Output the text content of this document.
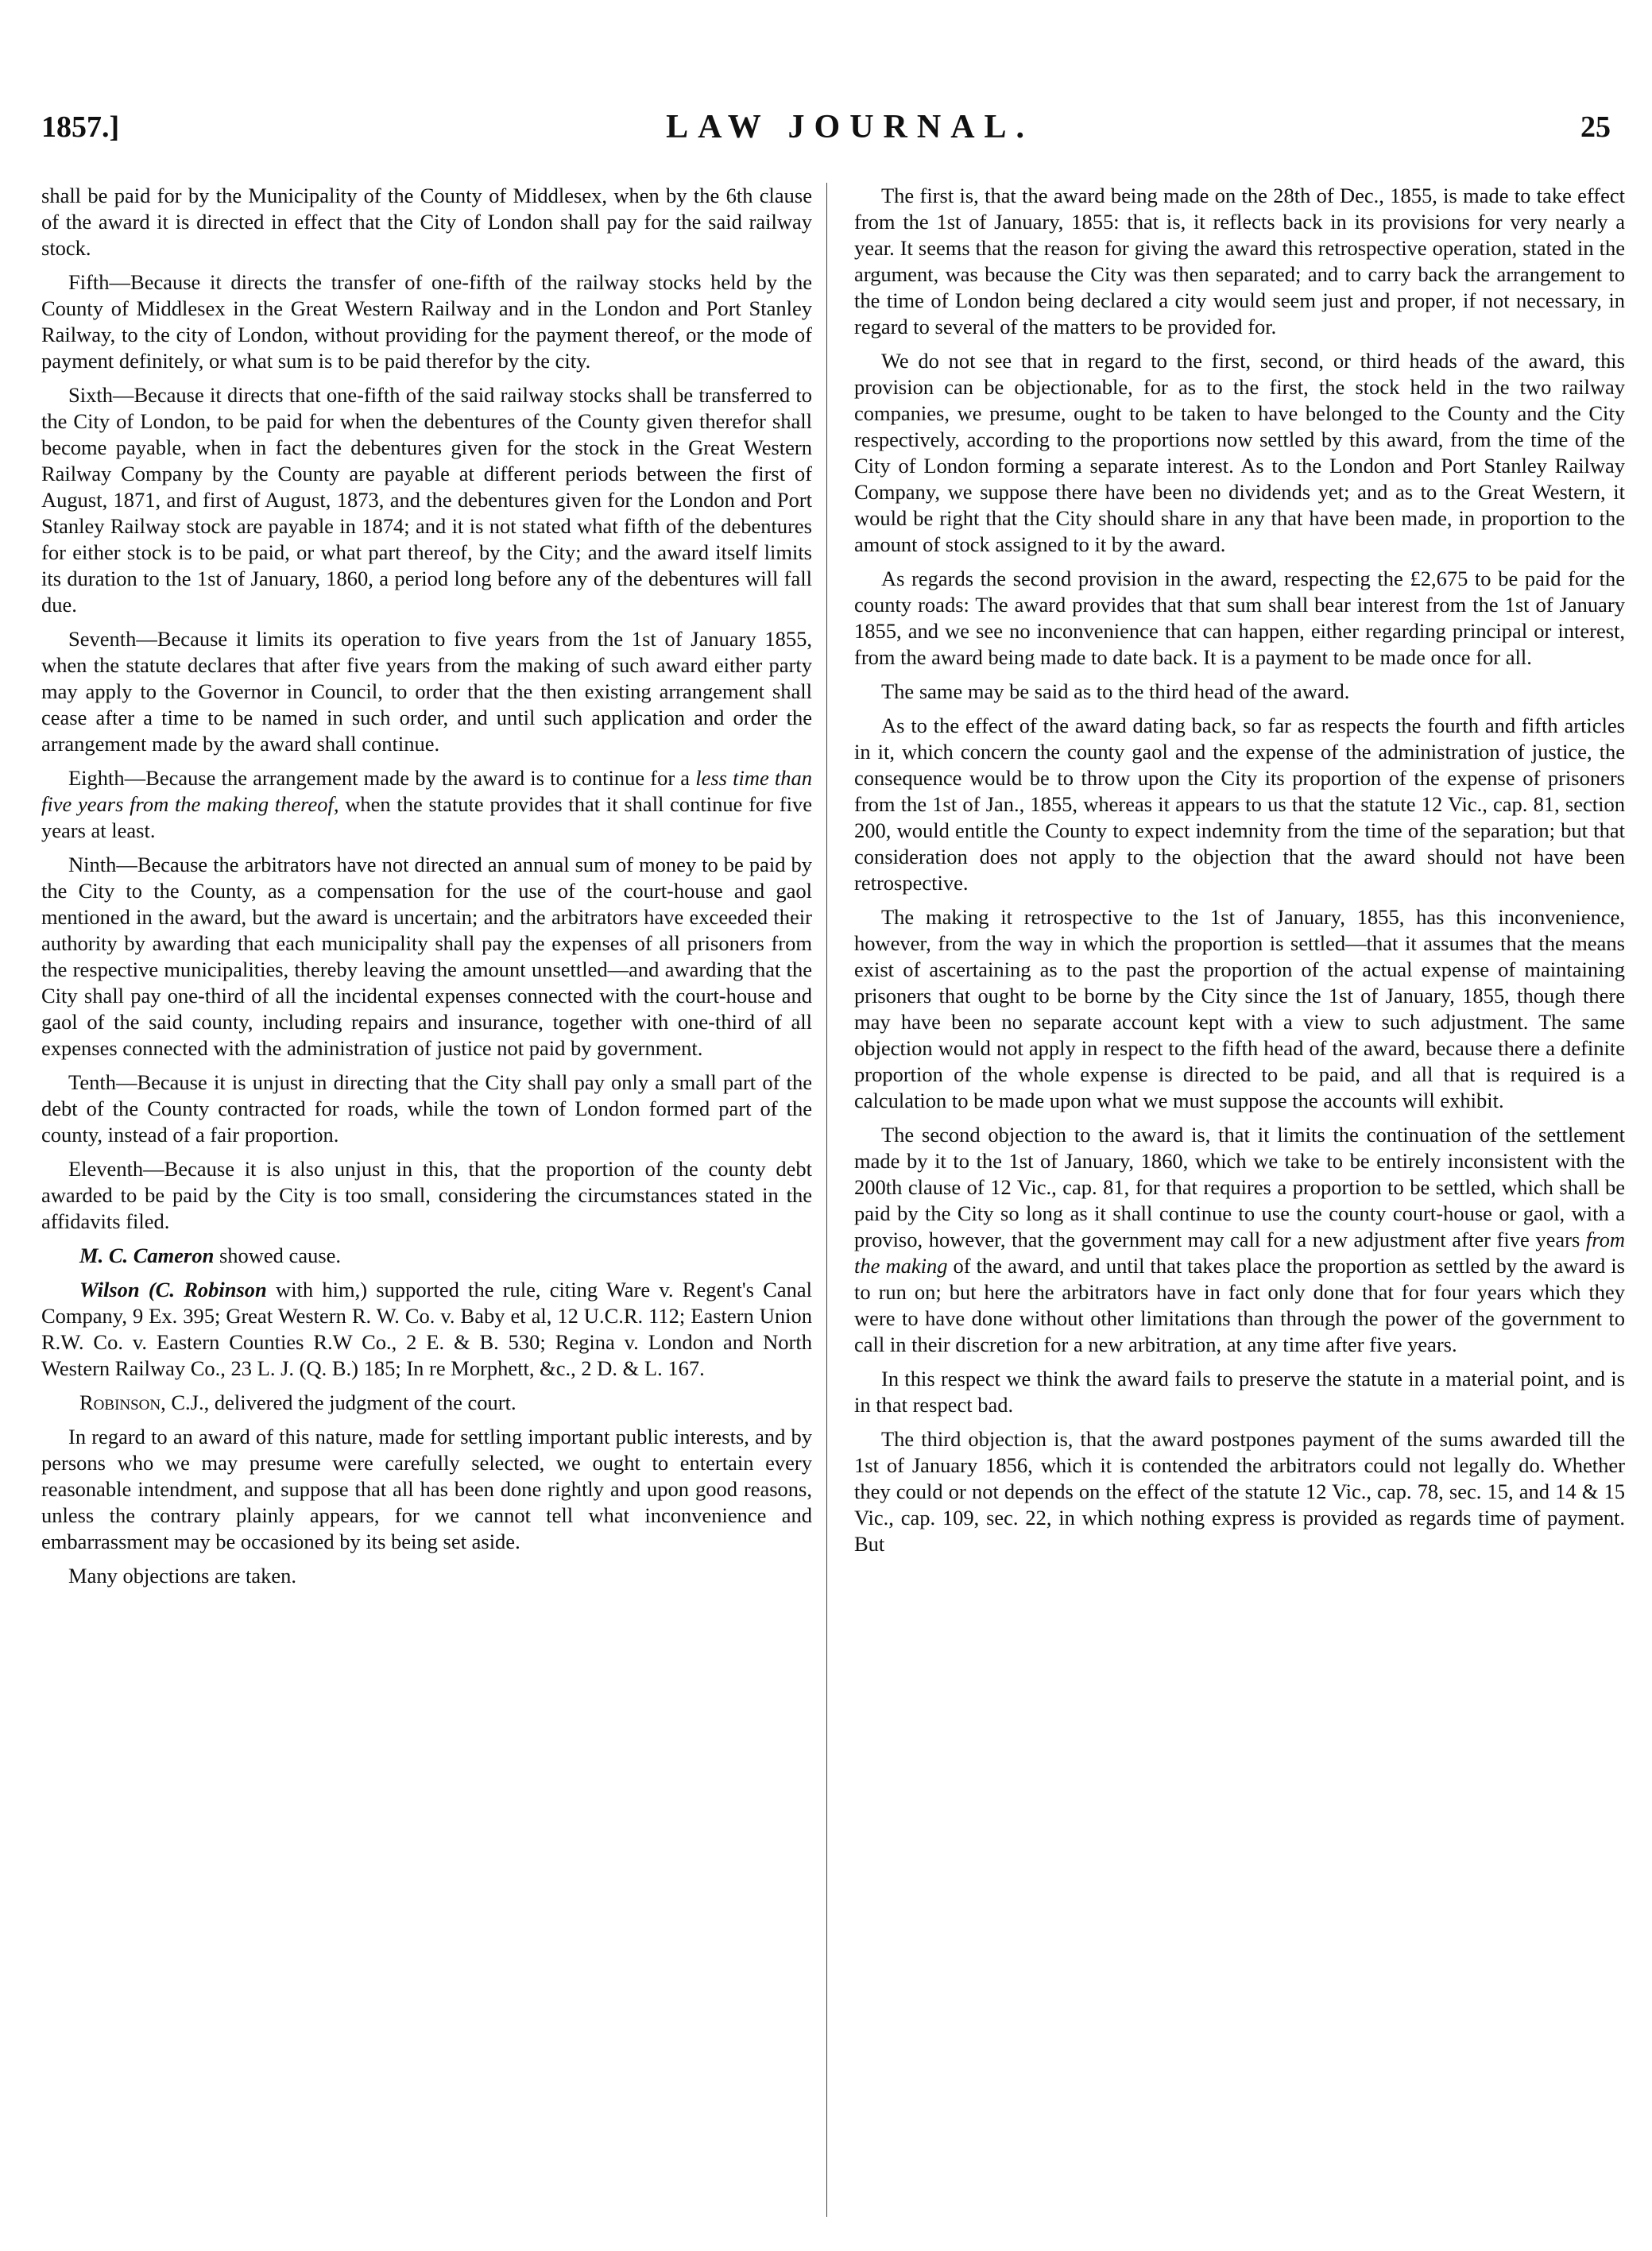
1857.]	LAW JOURNAL.	25

shall be paid for by the Municipality of the County of Middlesex, when by the 6th clause of the award it is directed in effect that the City of London shall pay for the said railway stock.

Fifth—Because it directs the transfer of one-fifth of the railway stocks held by the County of Middlesex in the Great Western Railway and in the London and Port Stanley Railway, to the city of London, without providing for the payment thereof, or the mode of payment definitely, or what sum is to be paid therefor by the city.

Sixth—Because it directs that one-fifth of the said railway stocks shall be transferred to the City of London, to be paid for when the debentures of the County given therefor shall become payable, when in fact the debentures given for the stock in the Great Western Railway Company by the County are payable at different periods between the first of August, 1871, and first of August, 1873, and the debentures given for the London and Port Stanley Railway stock are payable in 1874; and it is not stated what fifth of the debentures for either stock is to be paid, or what part thereof, by the City; and the award itself limits its duration to the 1st of January, 1860, a period long before any of the debentures will fall due.

Seventh—Because it limits its operation to five years from the 1st of January 1855, when the statute declares that after five years from the making of such award either party may apply to the Governor in Council, to order that the then existing arrangement shall cease after a time to be named in such order, and until such application and order the arrangement made by the award shall continue.

Eighth—Because the arrangement made by the award is to continue for a less time than five years from the making thereof, when the statute provides that it shall continue for five years at least.

Ninth—Because the arbitrators have not directed an annual sum of money to be paid by the City to the County, as a compensation for the use of the court-house and gaol mentioned in the award, but the award is uncertain; and the arbitrators have exceeded their authority by awarding that each municipality shall pay the expenses of all prisoners from the respective municipalities, thereby leaving the amount unsettled—and awarding that the City shall pay one-third of all the incidental expenses connected with the court-house and gaol of the said county, including repairs and insurance, together with one-third of all expenses connected with the administration of justice not paid by government.

Tenth—Because it is unjust in directing that the City shall pay only a small part of the debt of the County contracted for roads, while the town of London formed part of the county, instead of a fair proportion.

Eleventh—Because it is also unjust in this, that the proportion of the county debt awarded to be paid by the City is too small, considering the circumstances stated in the affidavits filed.

M. C. Cameron showed cause.

Wilson (C. Robinson with him,) supported the rule, citing Ware v. Regent's Canal Company, 9 Ex. 395; Great Western R. W. Co. v. Baby et al, 12 U.C.R. 112; Eastern Union R.W. Co. v. Eastern Counties R.W Co., 2 E. & B. 530; Regina v. London and North Western Railway Co., 23 L. J. (Q. B.) 185; In re Morphett, &c., 2 D. & L. 167.

Robinson, C.J., delivered the judgment of the court.

In regard to an award of this nature, made for settling important public interests, and by persons who we may presume were carefully selected, we ought to entertain every reasonable intendment, and suppose that all has been done rightly and upon good reasons, unless the contrary plainly appears, for we cannot tell what inconvenience and embarrassment may be occasioned by its being set aside.

Many objections are taken.

The first is, that the award being made on the 28th of Dec., 1855, is made to take effect from the 1st of January, 1855: that is, it reflects back in its provisions for very nearly a year. It seems that the reason for giving the award this retrospective operation, stated in the argument, was because the City was then separated; and to carry back the arrangement to the time of London being declared a city would seem just and proper, if not necessary, in regard to several of the matters to be provided for.

We do not see that in regard to the first, second, or third heads of the award, this provision can be objectionable, for as to the first, the stock held in the two railway companies, we presume, ought to be taken to have belonged to the County and the City respectively, according to the proportions now settled by this award, from the time of the City of London forming a separate interest. As to the London and Port Stanley Railway Company, we suppose there have been no dividends yet; and as to the Great Western, it would be right that the City should share in any that have been made, in proportion to the amount of stock assigned to it by the award.

As regards the second provision in the award, respecting the £2,675 to be paid for the county roads: The award provides that that sum shall bear interest from the 1st of January 1855, and we see no inconvenience that can happen, either regarding principal or interest, from the award being made to date back. It is a payment to be made once for all.

The same may be said as to the third head of the award.

As to the effect of the award dating back, so far as respects the fourth and fifth articles in it, which concern the county gaol and the expense of the administration of justice, the consequence would be to throw upon the City its proportion of the expense of prisoners from the 1st of Jan., 1855, whereas it appears to us that the statute 12 Vic., cap. 81, section 200, would entitle the County to expect indemnity from the time of the separation; but that consideration does not apply to the objection that the award should not have been retrospective.

The making it retrospective to the 1st of January, 1855, has this inconvenience, however, from the way in which the proportion is settled—that it assumes that the means exist of ascertaining as to the past the proportion of the actual expense of maintaining prisoners that ought to be borne by the City since the 1st of January, 1855, though there may have been no separate account kept with a view to such adjustment. The same objection would not apply in respect to the fifth head of the award, because there a definite proportion of the whole expense is directed to be paid, and all that is required is a calculation to be made upon what we must suppose the accounts will exhibit.

The second objection to the award is, that it limits the continuation of the settlement made by it to the 1st of January, 1860, which we take to be entirely inconsistent with the 200th clause of 12 Vic., cap. 81, for that requires a proportion to be settled, which shall be paid by the City so long as it shall continue to use the county court-house or gaol, with a proviso, however, that the government may call for a new adjustment after five years from the making of the award, and until that takes place the proportion as settled by the award is to run on; but here the arbitrators have in fact only done that for four years which they were to have done without other limitations than through the power of the government to call in their discretion for a new arbitration, at any time after five years.

In this respect we think the award fails to preserve the statute in a material point, and is in that respect bad.

The third objection is, that the award postpones payment of the sums awarded till the 1st of January 1856, which it is contended the arbitrators could not legally do. Whether they could or not depends on the effect of the statute 12 Vic., cap. 78, sec. 15, and 14 & 15 Vic., cap. 109, sec. 22, in which nothing express is provided as regards time of payment. But
